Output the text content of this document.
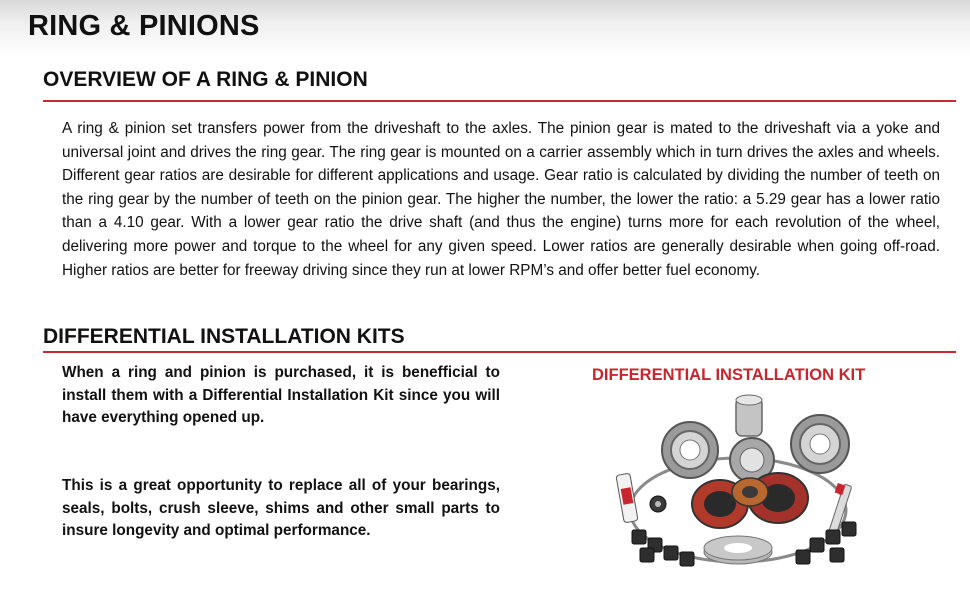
RING & PINIONS
OVERVIEW OF A RING & PINION

A ring & pinion set transfers power from the driveshaft to the axles. The pinion gear is mated to the driveshaft via a yoke and universal joint and drives the ring gear. The ring gear is mounted on a carrier assembly which in turn drives the axles and wheels. Different gear ratios are desirable for different applications and usage. Gear ratio is calculated by dividing the number of teeth on the ring gear by the number of teeth on the pinion gear. The higher the number, the lower the ratio: a 5.29 gear has a lower ratio than a 4.10 gear. With a lower gear ratio the drive shaft (and thus the engine) turns more for each revolution of the wheel, delivering more power and torque to the wheel for any given speed. Lower ratios are generally desirable when going off-road. Higher ratios are better for freeway driving since they run at lower RPM’s and offer better fuel economy.

DIFFERENTIAL INSTALLATION KITS

When a ring and pinion is purchased, it is benefficial to install them with a Differential Installation Kit since you will have everything opened up.

This is a great opportunity to replace all of your bearings, seals, bolts, crush sleeve, shims and other small parts to insure longevity and optimal performance.

DIFFERENTIAL INSTALLATION KIT
